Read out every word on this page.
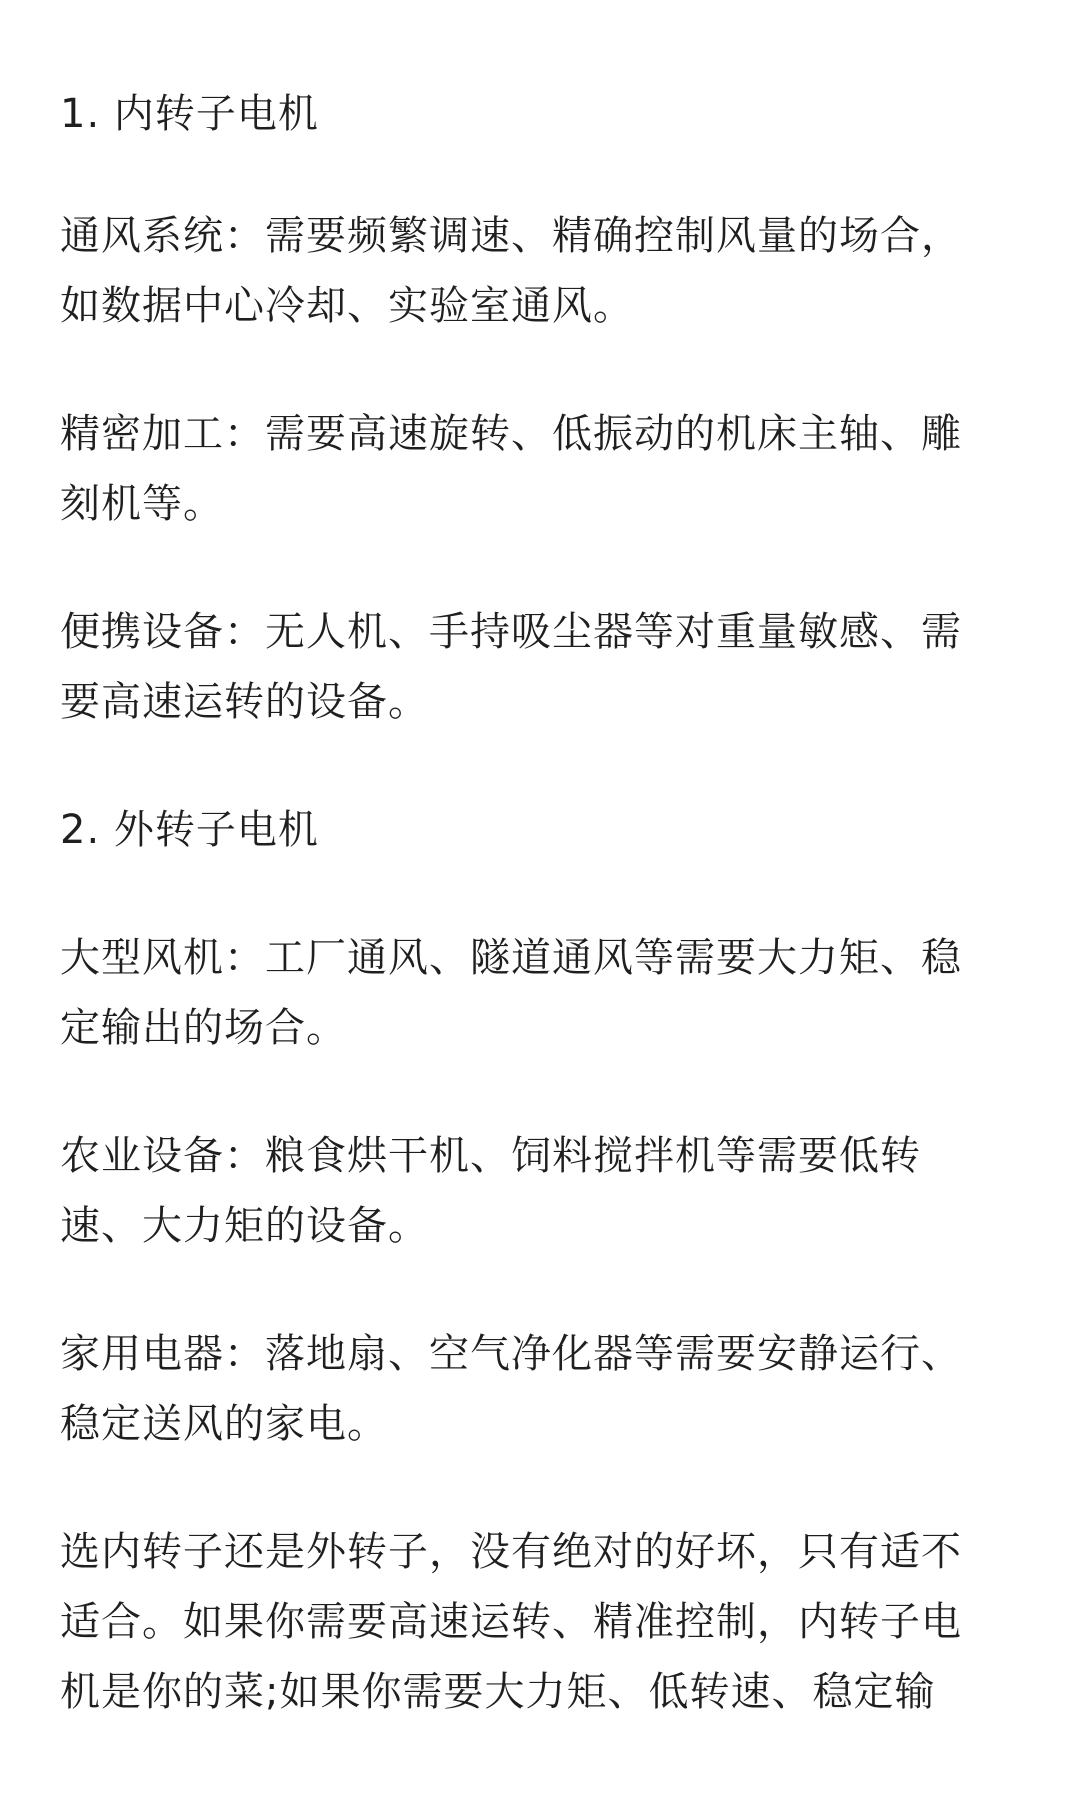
1. 内转子电机
通风系统：需要频繁调速、精确控制风量的场合，
如数据中心冷却、实验室通风。
精密加工：需要高速旋转、低振动的机床主轴、雕
刻机等。
便携设备：无人机、手持吸尘器等对重量敏感、需
要高速运转的设备。
2. 外转子电机
大型风机：工厂通风、隧道通风等需要大力矩、稳
定输出的场合。
农业设备：粮食烘干机、饲料搅拌机等需要低转
速、大力矩的设备。
家用电器：落地扇、空气净化器等需要安静运行、
稳定送风的家电。
选内转子还是外转子，没有绝对的好坏，只有适不
适合。如果你需要高速运转、精准控制，内转子电
机是你的菜;如果你需要大力矩、低转速、稳定输
